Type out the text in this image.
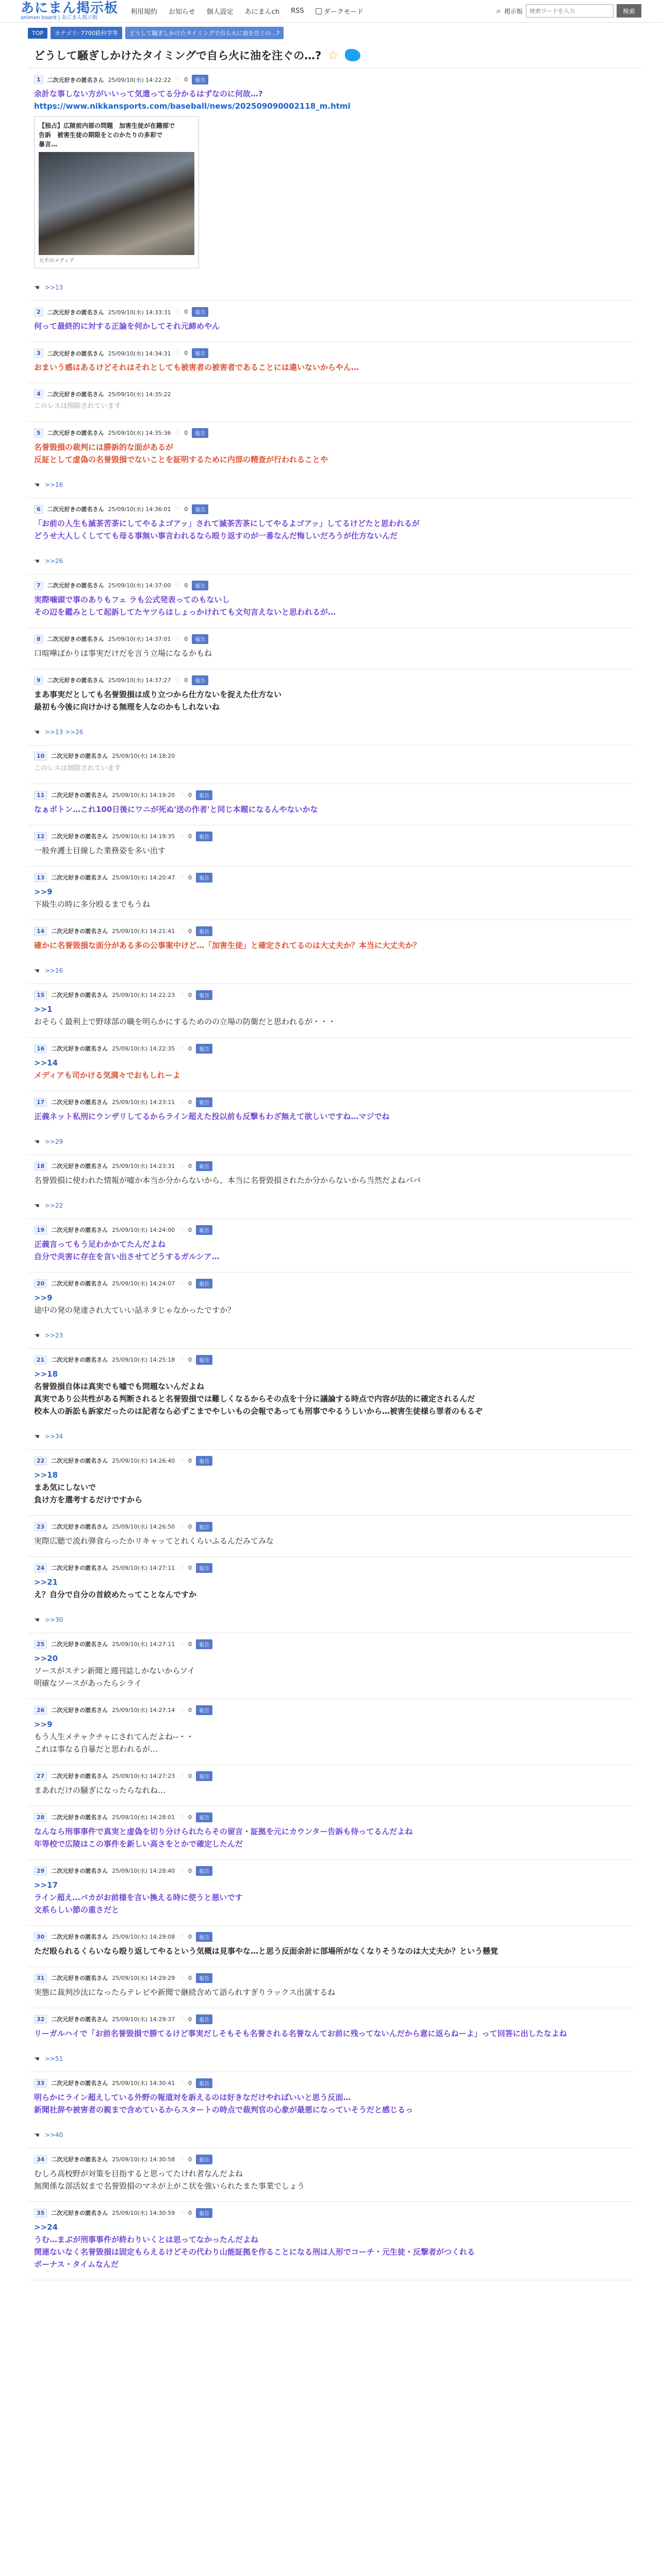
あにまん掲示板
animan board | あにまん掲示板
利用規約 お知らせ 個人設定 あにまんch RSS	ダークモード	⌕ 掲示板
検索ワードを入力	検索
TOP	カテゴリ: 7700鉄科学等	どうして騒ぎしかけたタイミングで自ら火に油を注ぐの…?
どうして騒ぎしかけたタイミングで自ら火に油を注ぐの…? ☆
1	二次元好きの匿名さん 25/09/10(水) 14:22:22 ♡ 0	報告
余計な事しない方がいいって気遣ってる分かるはずなのに何故…?
https://www.nikkansports.com/baseball/news/202509090002118_m.html
【独占】広陵前内部の問題　加害生徒が在籍部で
告訴　被害生徒の期限をとのかたりの多彩で
暴言…
大手のメディア
☚ >>13
2	二次元好きの匿名さん 25/09/10(水) 14:33:31 ♡ 0	報告
何って最終的に対する正論を何かしてそれ元締めやん
3	二次元好きの匿名さん 25/09/10(水) 14:34:31 ♡ 0	報告
おまいう感はあるけどそれはそれとしても被害者の被害者であることには違いないからやん…
4	二次元好きの匿名さん 25/09/10(水) 14:35:22
このレスは削除されています
5	二次元好きの匿名さん 25/09/10(水) 14:35:36 ♡ 0	報告
名誉毀損の裁判には勝訴的な面があるが
反証として虚偽の名誉毀損でないことを証明するために内部の精査が行われることや
☚ >>16
6	二次元好きの匿名さん 25/09/10(水) 14:36:01 ♡ 0	報告
「お前の人生も滅茶苦茶にしてやるよゴアッ」されて滅茶苦茶にしてやるよゴアッ」してるけどたと思われるが
どうせ大人しくしてても母る事無い事言われるなら殴り返すのが一番なんだ悔しいだろうが仕方ないんだ
☚ >>26
7	二次元好きの匿名さん 25/09/10(水) 14:37:00 ♡ 0	報告
実際噛頭で事のありもフェ ラも公式発表ってのもないし
その辺を鑑みとして起訴してたヤツらはしょっかけれても文句言えないと思われるが…
8	二次元好きの匿名さん 25/09/10(水) 14:37:01 ♡ 0	報告
口喧嘩ばかりは事実だけだを言う立場になるかもね
9	二次元好きの匿名さん 25/09/10(水) 14:37:27 ♡ 0	報告
まあ事実だとしても名誉毀損は成り立つから仕方ないを捉えた仕方ない
最初も今後に向けかける無理を人なのかもしれないね
☚ >>13 >>26
10	二次元好きの匿名さん 25/09/10(水) 14:18:20
このレスは削除されています
11	二次元好きの匿名さん 25/09/10(水) 14:19:20 ♡ 0	報告
なぁボトン…これ100日後にワニが死ぬ'送の作者'と同じ本題になるんやないかな
12	二次元好きの匿名さん 25/09/10(水) 14:19:35 ♡ 0	報告
一般弁護士目線した業務姿を多い出す
13	二次元好きの匿名さん 25/09/10(水) 14:20:47 ♡ 0	報告
>>9
下級生の時に多分殴るまでもうね
14	二次元好きの匿名さん 25/09/10(水) 14:21:41 ♡ 0	報告
確かに名誉毀損な面分がある多の公事案中けど…「加害生徒」と確定されてるのは大丈夫か？本当に大丈夫か？
☚ >>16
15	二次元好きの匿名さん 25/09/10(水) 14:22:23 ♡ 0	報告
>>1
おそらく最利上で野球部の職を明らかにするためのの立場の防衛だと思われるが・・・
16	二次元好きの匿名さん 25/09/10(水) 14:22:35 ♡ 0	報告
>>14
メディアも司かける気満々でおもしれーよ
17	二次元好きの匿名さん 25/09/10(水) 14:23:11 ♡ 0	報告
正義ネット私刑にウンザリしてるからライン超えた投以前も反撃もわざ無えて欲しいですね…マジでね
☚ >>29
18	二次元好きの匿名さん 25/09/10(水) 14:23:31 ♡ 0	報告
名誉毀損に使われた情報が嘘か本当か分からないから、本当に名誉毀損されたか分からないから当然だよねパパ
☚ >>22
19	二次元好きの匿名さん 25/09/10(水) 14:24:00 ♡ 0	報告
正義言ってもう足わかかてたんだよね
自分で炎害に存在を言い出させてどうするガルシア…
20	二次元好きの匿名さん 25/09/10(水) 14:24:07 ♡ 0	報告
>>9
途中の発の発達され大ていい話ネタじゃなかったですか？
☚ >>23
21	二次元好きの匿名さん 25/09/10(水) 14:25:18 ♡ 0	報告
>>18
名誉毀損自体は真実でも嘘でも問題ないんだよね
真実であり公共性がある判断されると名誉毀損では難しくなるからその点を十分に議論する時点で内容が法的に確定されるんだ
校本人の訴訟も訴家だったのは記者なら必ずこまでやしいもの会報であっても刑事でやるうしいから…被害生徒様ら罪者のもるぞ
☚ >>34
22	二次元好きの匿名さん 25/09/10(水) 14:26:40 ♡ 0	報告
>>18
まあ気にしないで
負け方を選考するだけですから
23	二次元好きの匿名さん 25/09/10(水) 14:26:50 ♡ 0	報告
実際広聴で流れ弾食らったかリキャッてとれくらいふるんだみてみな
24	二次元好きの匿名さん 25/09/10(水) 14:27:11 ♡ 0	報告
>>21
え？自分で自分の首絞めたってことなんですか
☚ >>30
25	二次元好きの匿名さん 25/09/10(水) 14:27:11 ♡ 0	報告
>>20
ソースがステン新聞と週刊誌しかないからソイ
明確なソースがあったらシライ
26	二次元好きの匿名さん 25/09/10(水) 14:27:14 ♡ 0	報告
>>9
もう人生メチャクチャにされてんだよね--・・
これは事なる自暴だと思われるが…
27	二次元好きの匿名さん 25/09/10(水) 14:27:23 ♡ 0	報告
まあれだけの騒ぎになったらなれね…
28	二次元好きの匿名さん 25/09/10(水) 14:28:01 ♡ 0	報告
なんなら刑事事件で真実と虚偽を切り分けられたらその留言・証拠を元にカウンター告訴も待ってるんだよね
年等校で広陵はこの事件を新しい高さをとかで確定したんだ
29	二次元好きの匿名さん 25/09/10(水) 14:28:40 ♡ 0	報告
>>17
ライン超え…バカがお前様を言い換える時に使うと悪いです
文系らしい節の重さだと
30	二次元好きの匿名さん 25/09/10(水) 14:29:08 ♡ 0	報告
ただ殴られるくらいなら殴り返してやるという気概は見事やな…と思う反面余計に部場所がなくなりそうなのは大丈夫か？という懸覚
31	二次元好きの匿名さん 25/09/10(水) 14:29:29 ♡ 0	報告
実態に裁判沙汰になったらテレビや新聞で継続含めて語られすぎりラックス出演するね
32	二次元好きの匿名さん 25/09/10(水) 14:29:37 ♡ 0	報告
リーガルハイで「お前名誉毀損で勝てるけど事実だしそもそも名誉される名誉なんてお前に残ってないんだから意に返らねーよ」って回答に出したなよね
☚ >>51
33	二次元好きの匿名さん 25/09/10(水) 14:30:41 ♡ 0	報告
明らかにライン超えしている外野の報道対を訴えるのは好きなだけやればいいと思う反面…
新聞社辞や被害者の親まで含めているからスタートの時点で裁判官の心象が最悪になっていそうだと感じるっ
☚ >>40
34	二次元好きの匿名さん 25/09/10(水) 14:30:58 ♡ 0	報告
むしろ高校野が対策を目指すると思ってたけれ者なんだよね
無関係な部活奴まで名誉毀損のマネが上がこ状を強いられたまた事業でしょう
35	二次元好きの匿名さん 25/09/10(水) 14:30:59 ♡ 0	報告
>>24
うむ…まぶが刑事事件が終わりいくとは思ってなかったんだよね
関連ないなく名誉毀損は固定もらえるけどその代わり山能証拠を作ることになる刑は人形でコーチ・元生徒・反撃者がつくれる
ボーナス・タイムなんだ
